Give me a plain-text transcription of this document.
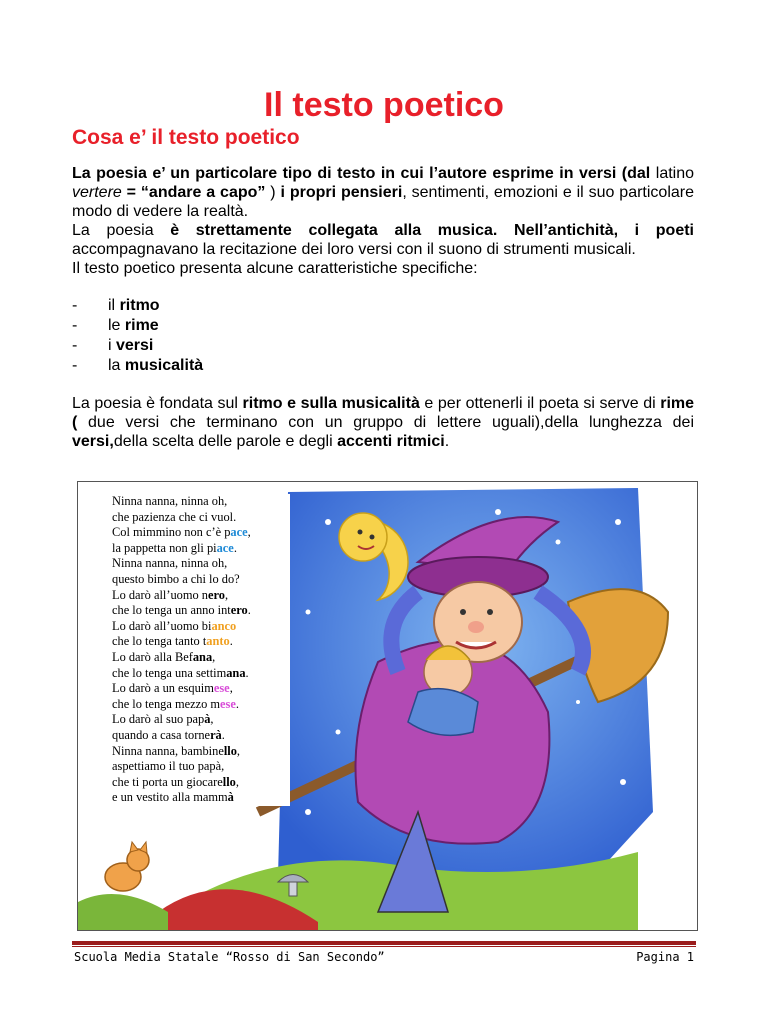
Il testo poetico
Cosa e’ il testo poetico

La poesia e’ un particolare tipo di testo in cui l’autore esprime in versi (dal latino vertere = “andare a capo” ) i propri pensieri, sentimenti, emozioni e il suo particolare modo di vedere la realtà.

La poesia è strettamente collegata alla musica. Nell’antichità, i poeti accompagnavano la recitazione dei loro versi con il suono di strumenti musicali.

Il testo poetico presenta alcune caratteristiche specifiche:

- il ritmo
- le rime
- i versi
- la musicalità

La poesia è fondata sul ritmo e sulla musicalità e per ottenerli il poeta si serve di rime ( due versi che terminano con un gruppo di lettere uguali),della lunghezza dei versi,della scelta delle parole e degli accenti ritmici.

Ninna nanna, ninna oh,
che pazienza che ci vuol.
Col mimmino non c’è pace,
la pappetta non gli piace.
Ninna nanna, ninna oh,
questo bimbo a chi lo do?
Lo darò all’uomo nero,
che lo tenga un anno intero.
Lo darò all’uomo bianco
che lo tenga tanto tanto.
Lo darò alla Befana,
che lo tenga una settimana.
Lo darò a un esquimese,
che lo tenga mezzo mese.
Lo darò al suo papà,
quando a casa tornerà.
Ninna nanna, bambinello,
aspettiamo il tuo papà,
che ti porta un giocarello,
e un vestito alla mammà
Scuola Media Statale “Rosso di San Secondo”	Pagina 1
